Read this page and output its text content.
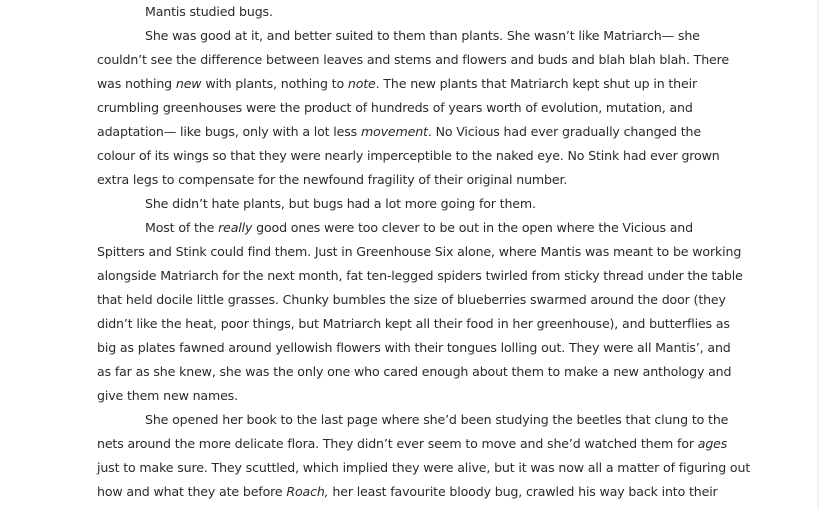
Mantis studied bugs.
She was good at it, and better suited to them than plants. She wasn’t like Matriarch— she
couldn’t see the difference between leaves and stems and flowers and buds and blah blah blah. There
was nothing new with plants, nothing to note. The new plants that Matriarch kept shut up in their
crumbling greenhouses were the product of hundreds of years worth of evolution, mutation, and
adaptation— like bugs, only with a lot less movement. No Vicious had ever gradually changed the
colour of its wings so that they were nearly imperceptible to the naked eye. No Stink had ever grown
extra legs to compensate for the newfound fragility of their original number.
She didn’t hate plants, but bugs had a lot more going for them.
Most of the really good ones were too clever to be out in the open where the Vicious and
Spitters and Stink could find them. Just in Greenhouse Six alone, where Mantis was meant to be working
alongside Matriarch for the next month, fat ten-legged spiders twirled from sticky thread under the table
that held docile little grasses. Chunky bumbles the size of blueberries swarmed around the door (they
didn’t like the heat, poor things, but Matriarch kept all their food in her greenhouse), and butterflies as
big as plates fawned around yellowish flowers with their tongues lolling out. They were all Mantis’, and
as far as she knew, she was the only one who cared enough about them to make a new anthology and
give them new names.
She opened her book to the last page where she’d been studying the beetles that clung to the
nets around the more delicate flora. They didn’t ever seem to move and she’d watched them for ages
just to make sure. They scuttled, which implied they were alive, but it was now all a matter of figuring out
how and what they ate before Roach, her least favourite bloody bug, crawled his way back into their
